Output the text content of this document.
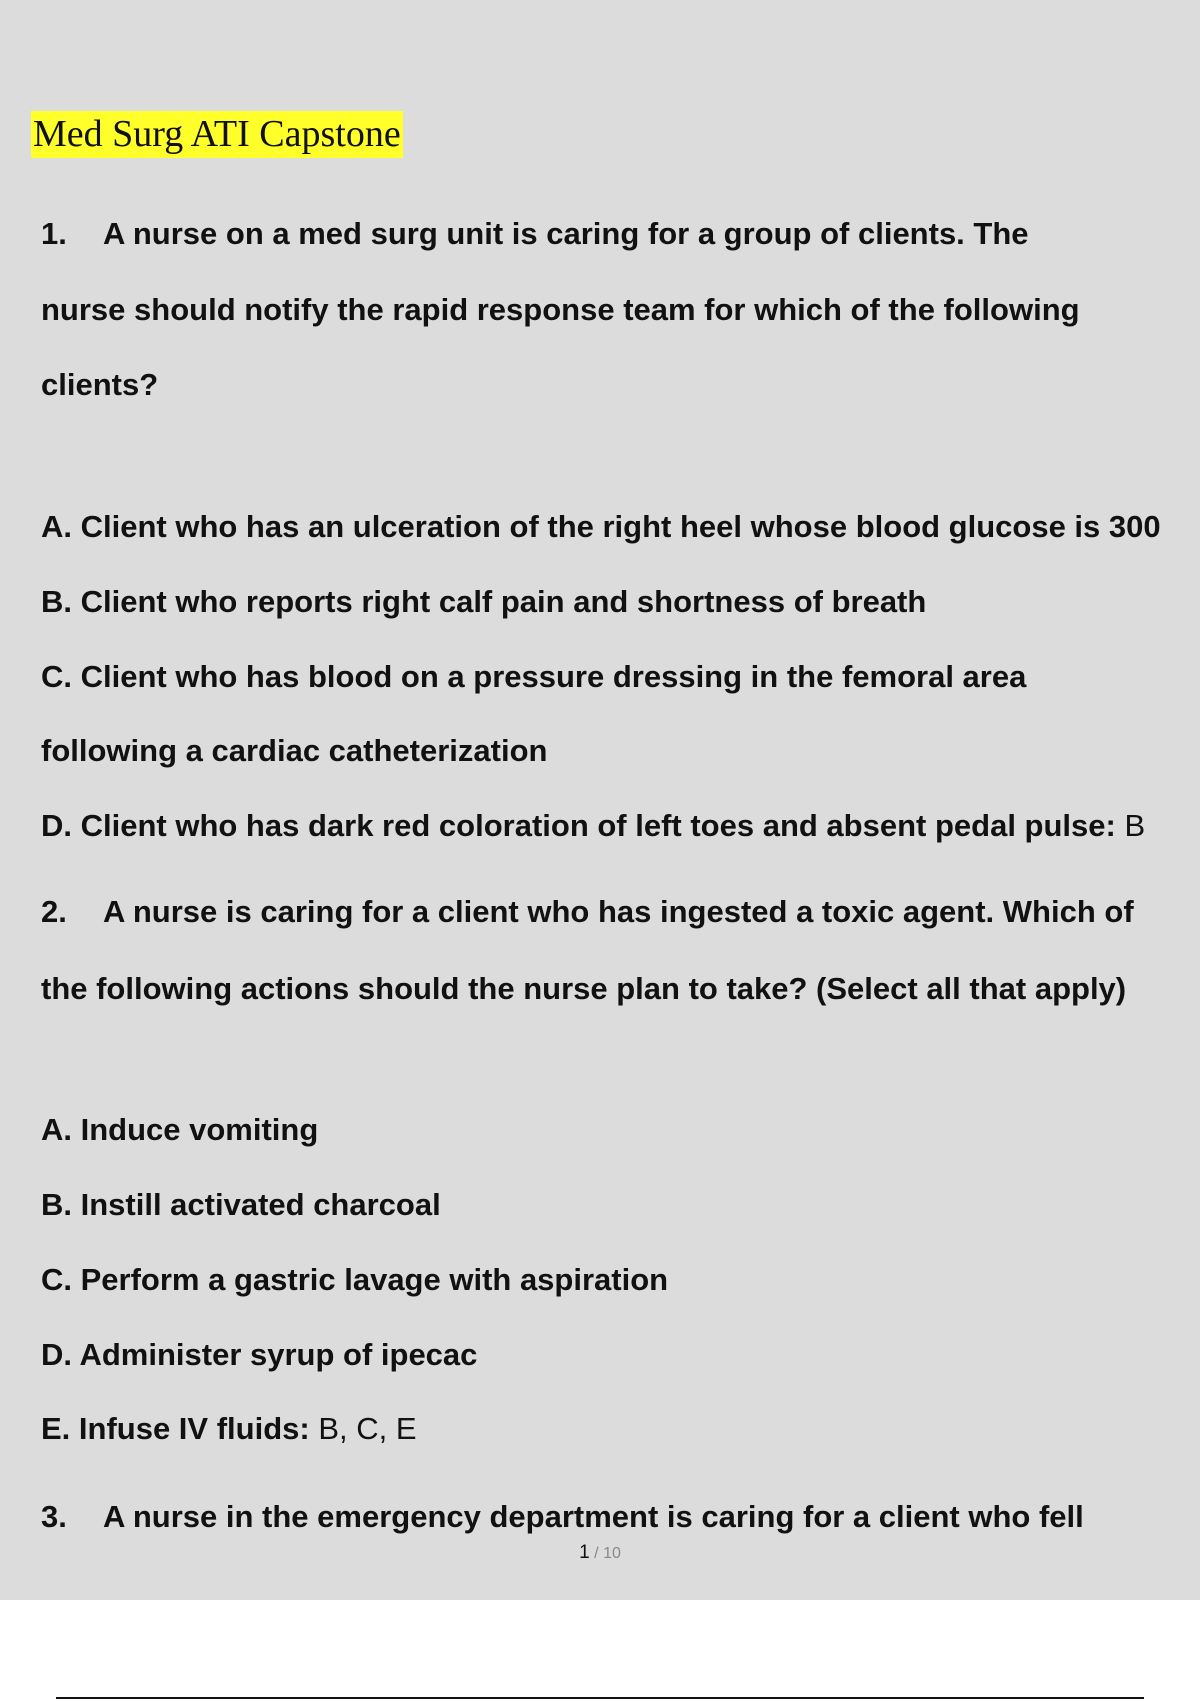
Med Surg ATI Capstone
1. A nurse on a med surg unit is caring for a group of clients. The
nurse should notify the rapid response team for which of the following
clients?
A. Client who has an ulceration of the right heel whose blood glucose is 300
B. Client who reports right calf pain and shortness of breath
C. Client who has blood on a pressure dressing in the femoral area
following a cardiac catheterization
D. Client who has dark red coloration of left toes and absent pedal pulse: B
2. A nurse is caring for a client who has ingested a toxic agent. Which of
the following actions should the nurse plan to take? (Select all that apply)
A. Induce vomiting
B. Instill activated charcoal
C. Perform a gastric lavage with aspiration
D. Administer syrup of ipecac
E. Infuse IV fluids: B, C, E
3. A nurse in the emergency department is caring for a client who fell
1 / 10
